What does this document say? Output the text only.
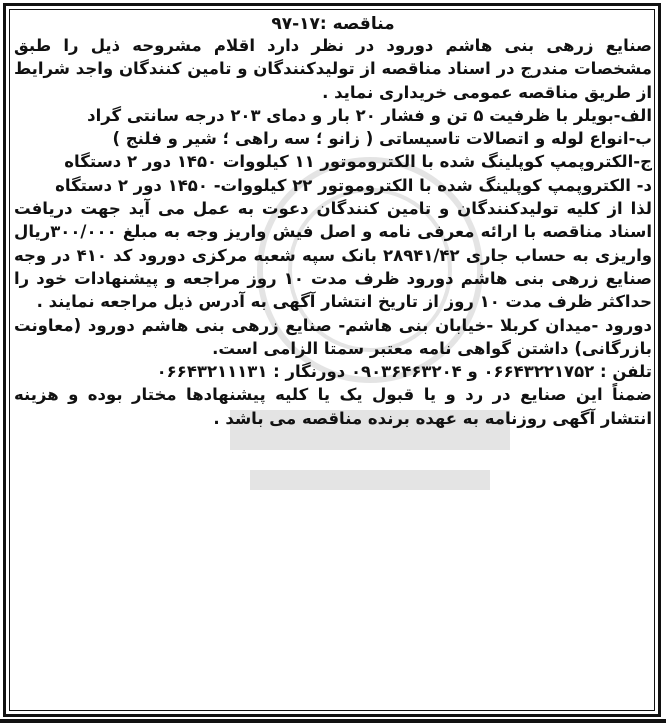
مناقصه :۱۷-۹۷

صنایع زرهی بنی هاشم دورود در نظر دارد اقلام مشروحه ذیل را طبق مشخصات مندرج در اسناد مناقصه از تولیدکنندگان و تامین کنندگان واجد شرایط از طریق مناقصه عمومی خریداری نماید .

الف-بویلر با ظرفیت ۵ تن و فشار ۲۰ بار و دمای ۲۰۳ درجه سانتی گراد

ب-انواع لوله و اتصالات تاسیساتی ( زانو ؛ سه راهی ؛ شیر و فلنج )

ج-الکتروپمپ کوپلینگ شده با الکتروموتور ۱۱ کیلووات ۱۴۵۰ دور ۲ دستگاه

د- الکتروپمپ کوپلینگ شده با الکتروموتور ۲۲ کیلووات- ۱۴۵۰ دور ۲ دستگاه

لذا از کلیه تولیدکنندگان و تامین کنندگان دعوت به عمل می آید جهت دریافت اسناد مناقصه با ارائه معرفی نامه و اصل فیش واریز وجه به مبلغ ۳۰۰/۰۰۰ریال واریزی به حساب جاری ۲۸۹۴۱/۴۲ بانک سپه شعبه مرکزی دورود کد ۴۱۰ در وجه صنایع زرهی بنی هاشم دورود ظرف مدت ۱۰ روز مراجعه و پیشنهادات خود را حداکثر ظرف مدت ۱۰ روز از تاریخ انتشار آگهی به آدرس ذیل مراجعه نمایند .

دورود -میدان کربلا -خیابان بنی هاشم- صنایع زرهی بنی هاشم دورود (معاونت بازرگانی) داشتن گواهی نامه معتبر سمتا الزامی است.

تلفن : ۰۶۶۴۳۲۲۱۷۵۲ و ۰۹۰۳۶۴۶۳۲۰۴ دورنگار : ۰۶۶۴۳۲۱۱۱۳۱

ضمناً این صنایع در رد و یا قبول یک یا کلیه پیشنهادها مختار بوده و هزینه انتشار آگهی روزنامه به عهده برنده مناقصه می باشد .
